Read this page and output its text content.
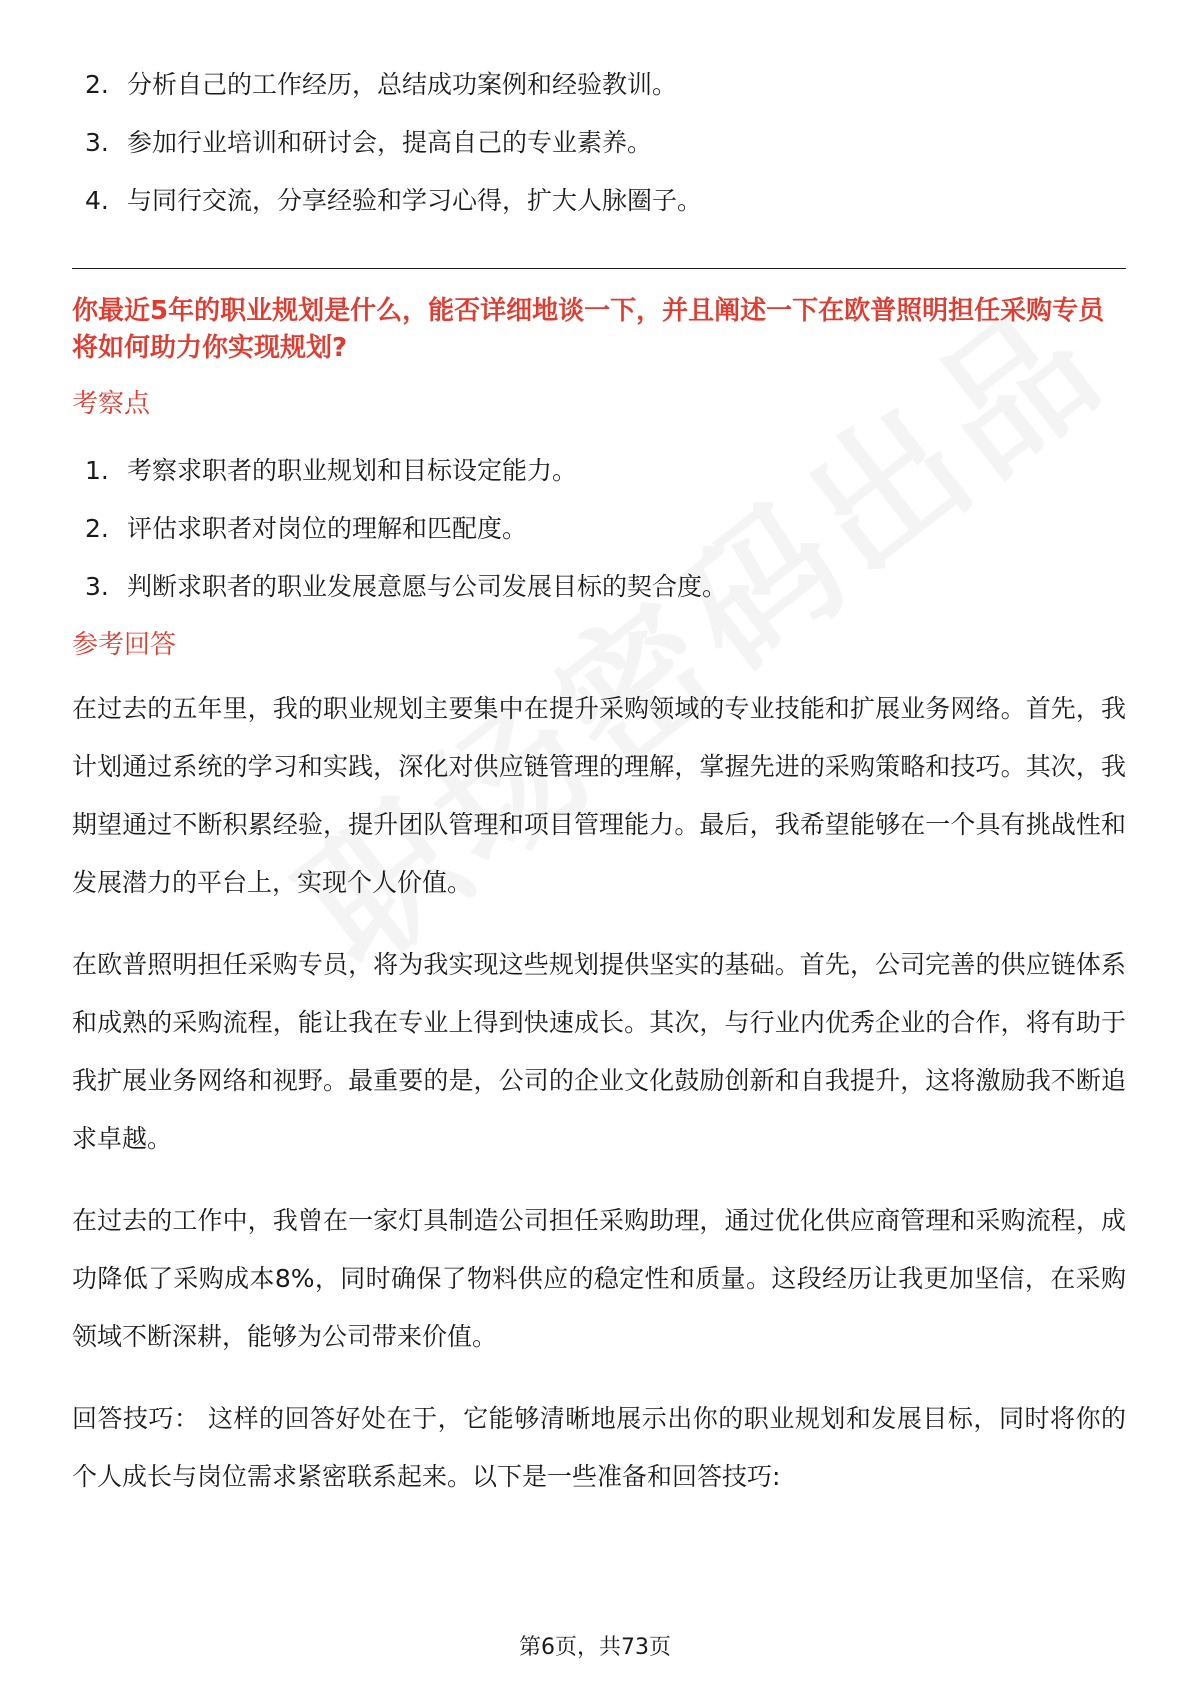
2. 分析自己的工作经历，总结成功案例和经验教训。
3. 参加行业培训和研讨会，提高自己的专业素养。
4. 与同行交流，分享经验和学习心得，扩大人脉圈子。
你最近5年的职业规划是什么，能否详细地谈一下，并且阐述一下在欧普照明担任采购专员将如何助力你实现规划?
考察点
1. 考察求职者的职业规划和目标设定能力。
2. 评估求职者对岗位的理解和匹配度。
3. 判断求职者的职业发展意愿与公司发展目标的契合度。
参考回答

在过去的五年里，我的职业规划主要集中在提升采购领域的专业技能和扩展业务网络。首先，我计划通过系统的学习和实践，深化对供应链管理的理解，掌握先进的采购策略和技巧。其次，我期望通过不断积累经验，提升团队管理和项目管理能力。最后，我希望能够在一个具有挑战性和发展潜力的平台上，实现个人价值。

在欧普照明担任采购专员，将为我实现这些规划提供坚实的基础。首先，公司完善的供应链体系和成熟的采购流程，能让我在专业上得到快速成长。其次，与行业内优秀企业的合作，将有助于我扩展业务网络和视野。最重要的是，公司的企业文化鼓励创新和自我提升，这将激励我不断追求卓越。

在过去的工作中，我曾在一家灯具制造公司担任采购助理，通过优化供应商管理和采购流程，成功降低了采购成本8%，同时确保了物料供应的稳定性和质量。这段经历让我更加坚信，在采购领域不断深耕，能够为公司带来价值。

回答技巧： 这样的回答好处在于，它能够清晰地展示出你的职业规划和发展目标，同时将你的个人成长与岗位需求紧密联系起来。以下是一些准备和回答技巧:

第6页，共73页
